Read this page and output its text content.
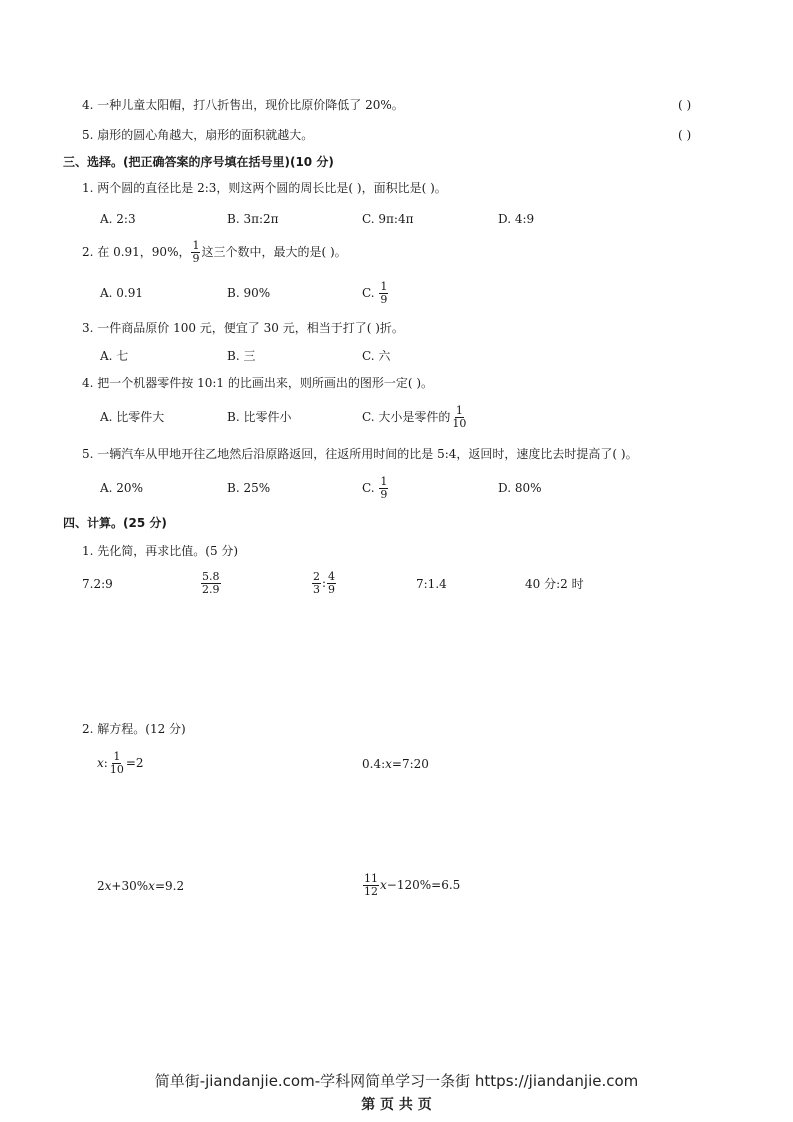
4. 一种儿童太阳帽，打八折售出，现价比原价降低了 20%。	( )
5. 扇形的圆心角越大，扇形的面积就越大。	( )
三、选择。(把正确答案的序号填在括号里)(10 分)
1. 两个圆的直径比是 2:3，则这两个圆的周长比是( )，面积比是( )。
A. 2:3	B. 3π:2π	C. 9π:4π	D. 4:9
2. 在 0.91，90%， $\frac{1}{9}$ 这三个数中，最大的是( )。
A. 0.91	B. 90%	C. $\frac{1}{9}$
3. 一件商品原价 100 元，便宜了 30 元，相当于打了( )折。
A. 七	B. 三	C. 六
4. 把一个机器零件按 10:1 的比画出来，则所画出的图形一定( )。
A. 比零件大	B. 比零件小	C. 大小是零件的 $\frac{1}{10}$
5. 一辆汽车从甲地开往乙地然后沿原路返回，往返所用时间的比是 5:4，返回时，速度比去时提高了( )。
A. 20%	B. 25%	C. $\frac{1}{9}$	D. 80%
四、计算。(25 分)
1. 先化简，再求比值。(5 分)
7.2:9	$\frac{5.8}{2.9}$	$\frac{2}{3}$ : $\frac{4}{9}$	7:1.4	40 分:2 时
2. 解方程。(12 分)
x: $\frac{1}{10} =2$	0.4:x=7:20
2x+30%x=9.2	$\frac{11}{12} x-120\%=6.5$
简单街-jiandanjie.com-学科网简单学习一条街 https://jiandanjie.com
第 页 共 页
